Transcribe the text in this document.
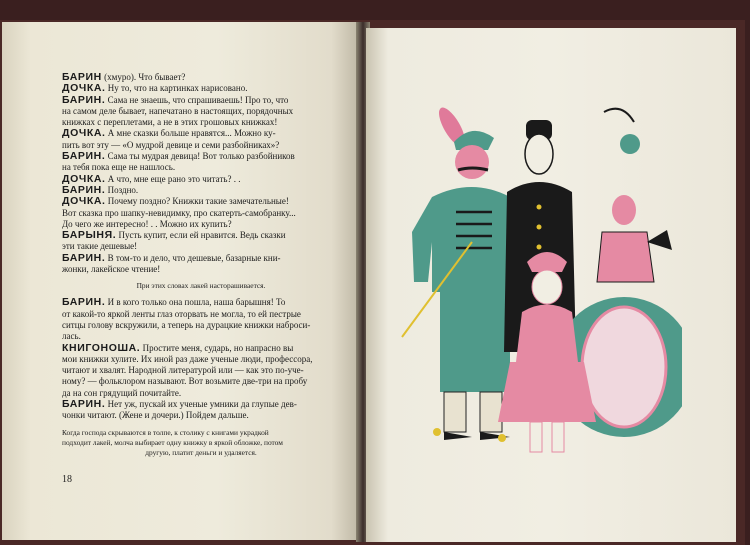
БАРИН (хмуро). Что бывает?

ДОЧКА. Ну то, что на картинках нарисовано.

БАРИН. Сама не знаешь, что спрашиваешь! Про то, что

на самом деле бывает, напечатано в настоящих, порядочных

книжках с переплетами, а не в этих грошовых книжках!

ДОЧКА. А мне сказки больше нравятся... Можно ку-

пить вот эту — «О мудрой девице и семи разбойниках»?

БАРИН. Сама ты мудрая девица! Вот только разбойников

на тебя пока еще не нашлось.

ДОЧКА. А что, мне еще рано это читать? . .

БАРИН. Поздно.

ДОЧКА. Почему поздно? Книжки такие замечательные!

Вот сказка про шапку-невидимку, про скатерть-самобранку...

До чего же интересно! . . Можно их купить?

БАРЫНЯ. Пусть купит, если ей нравится. Ведь сказки

эти такие дешевые!

БАРИН. В том-то и дело, что дешевые, базарные кни-

жонки, лакейское чтение!

При этих словах лакей насторашивается.

БАРИН. И в кого только она пошла, наша барышня! То

от какой-то яркой ленты глаз оторвать не могла, то ей пестрые

ситцы голову вскружили, а теперь на дурацкие книжки наброси-

лась.

КНИГОНОША. Простите меня, сударь, но напрасно вы

мои книжки хулите. Их иной раз даже ученые люди, профессора,

читают и хвалят. Народной литературой или — как это по-уче-

ному? — фольклором называют. Вот возьмите две-три на пробу

да на сон грядущий почитайте.

БАРИН. Нет уж, пускай их ученые умники да глупые дев-

чонки читают. (Жене и дочери.) Пойдем дальше.

Когда господа скрываются в толпе, к столику с книгами украдкой

подходит лакей, молча выбирает одну книжку в яркой обложке, потом

другую, платит деньги и удаляется.

18
